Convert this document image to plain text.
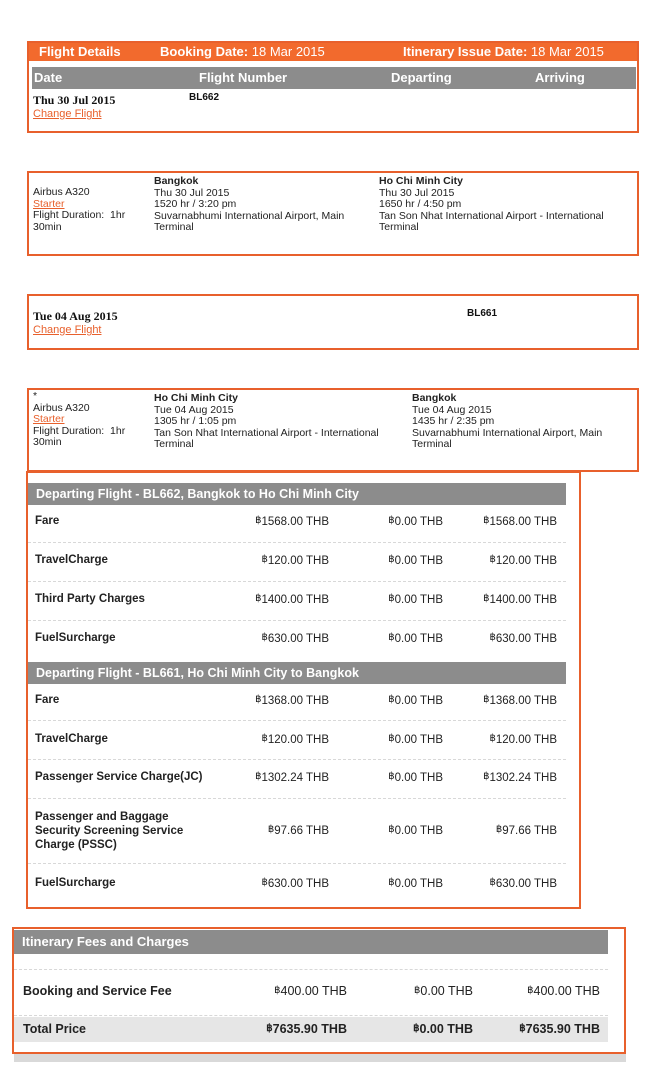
Flight Details	Booking Date: 18 Mar 2015	Itinerary Issue Date: 18 Mar 2015
Date	Flight Number	Departing	Arriving
Thu 30 Jul 2015	BL662
Change Flight
Airbus A320
Starter
Flight Duration: 1hr
30min
Bangkok
Thu 30 Jul 2015
1520 hr / 3:20 pm
Suvarnabhumi International Airport, Main
Terminal
Ho Chi Minh City
Thu 30 Jul 2015
1650 hr / 4:50 pm
Tan Son Nhat International Airport - International
Terminal
Tue 04 Aug 2015	BL661
Change Flight
*
Airbus A320
Starter
Flight Duration: 1hr
30min
Ho Chi Minh City
Tue 04 Aug 2015
1305 hr / 1:05 pm
Tan Son Nhat International Airport - International
Terminal
Bangkok
Tue 04 Aug 2015
1435 hr / 2:35 pm
Suvarnabhumi International Airport, Main
Terminal
Departing Flight - BL662, Bangkok to Ho Chi Minh City
Fare	฿1568.00 THB	฿0.00 THB	฿1568.00 THB
TravelCharge	฿120.00 THB	฿0.00 THB	฿120.00 THB
Third Party Charges	฿1400.00 THB	฿0.00 THB	฿1400.00 THB
FuelSurcharge	฿630.00 THB	฿0.00 THB	฿630.00 THB
Departing Flight - BL661, Ho Chi Minh City to Bangkok
Fare	฿1368.00 THB	฿0.00 THB	฿1368.00 THB
TravelCharge	฿120.00 THB	฿0.00 THB	฿120.00 THB
Passenger Service Charge(JC)	฿1302.24 THB	฿0.00 THB	฿1302.24 THB
Passenger and Baggage
Security Screening Service
Charge (PSSC)
฿97.66 THB	฿0.00 THB	฿97.66 THB
FuelSurcharge	฿630.00 THB	฿0.00 THB	฿630.00 THB
Itinerary Fees and Charges
Booking and Service Fee	฿400.00 THB	฿0.00 THB	฿400.00 THB
Total Price	฿7635.90 THB	฿0.00 THB	฿7635.90 THB
